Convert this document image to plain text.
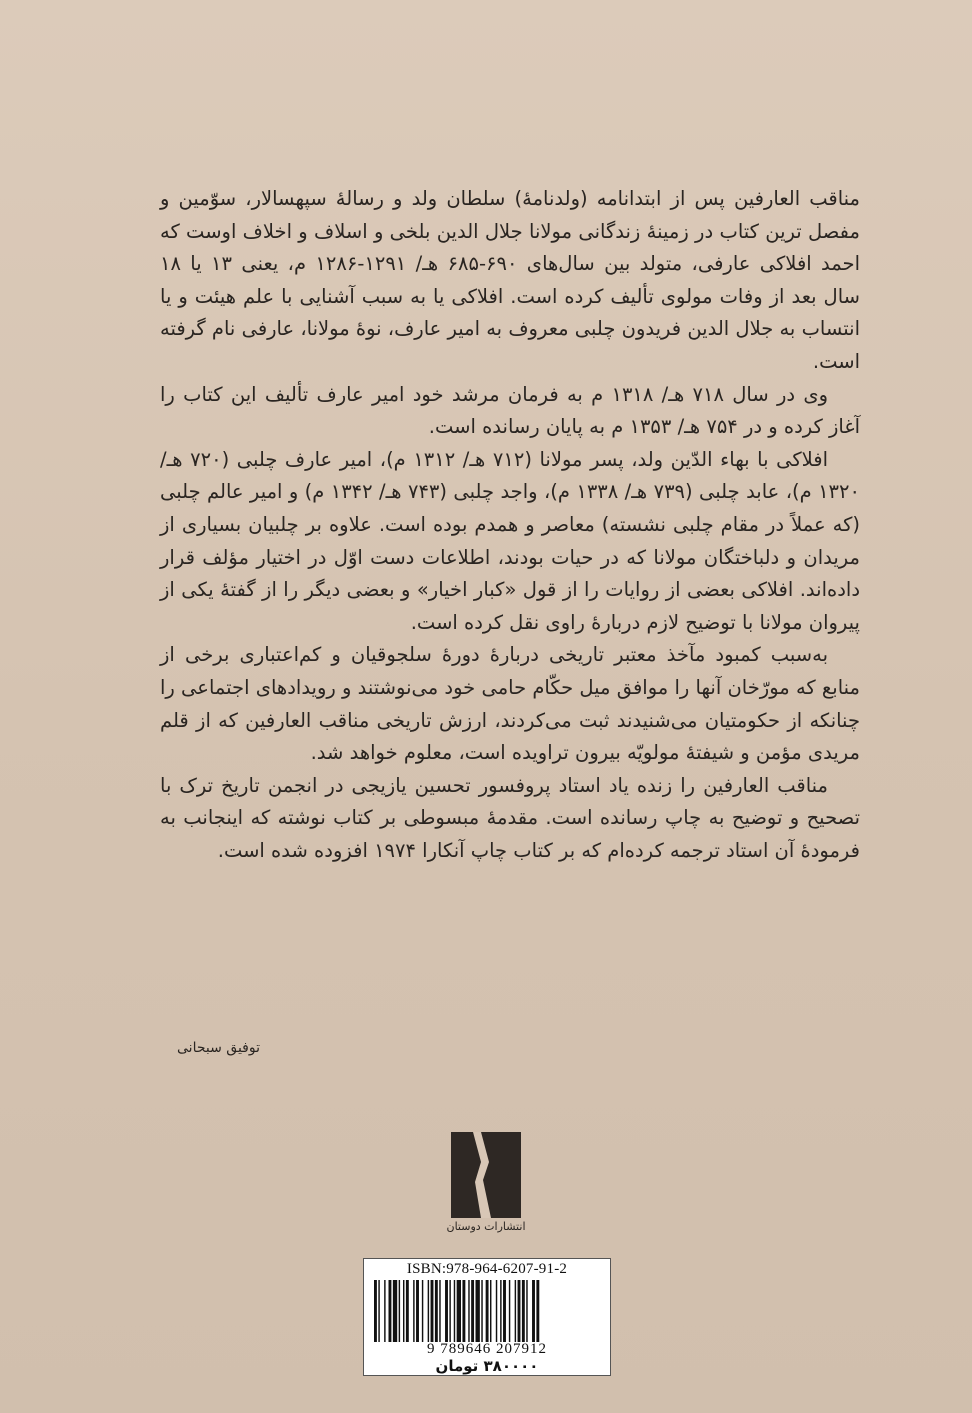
مناقب العارفین پس از ابتدانامه (ولدنامهٔ) سلطان ولد و رسالهٔ سپهسالار، سوّمین و مفصل ترین کتاب در زمینهٔ زندگانی مولانا جلال الدین بلخی و اسلاف و اخلاف اوست که احمد افلاکی عارفی، متولد بین سال‌های ۶۹۰-۶۸۵ هـ/ ۱۲۹۱-۱۲۸۶ م، یعنی ۱۳ یا ۱۸ سال بعد از وفات مولوی تألیف کرده است. افلاکی یا به سبب آشنایی با علم هیئت و یا انتساب به جلال الدین فریدون چلبی معروف به امیر عارف، نوهٔ مولانا، عارفی نام گرفته است.

وی در سال ۷۱۸ هـ/ ۱۳۱۸ م به فرمان مرشد خود امیر عارف تألیف این کتاب را آغاز کرده و در ۷۵۴ هـ/ ۱۳۵۳ م به پایان رسانده است.

افلاکی با بهاء الدّین ولد، پسر مولانا (۷۱۲ هـ/ ۱۳۱۲ م)، امیر عارف چلبی (۷۲۰ هـ/ ۱۳۲۰ م)، عابد چلبی (۷۳۹ هـ/ ۱۳۳۸ م)، واجد چلبی (۷۴۳ هـ/ ۱۳۴۲ م) و امیر عالم چلبی (که عملاً در مقام چلبی نشسته) معاصر و همدم بوده است. علاوه بر چلبیان بسیاری از مریدان و دلباختگان مولانا که در حیات بودند، اطلاعات دست اوّل در اختیار مؤلف قرار داده‌اند. افلاکی بعضی از روایات را از قول «کبار اخیار» و بعضی دیگر را از گفتهٔ یکی از پیروان مولانا با توضیح لازم دربارهٔ راوی نقل کرده است.

به‌سبب کمبود مآخذ معتبر تاریخی دربارهٔ دورهٔ سلجوقیان و کم‌اعتباری برخی از منابع که مورّخان آنها را موافق میل حکّام حامی خود می‌نوشتند و رویدادهای اجتماعی را چنانکه از حکومتیان می‌شنیدند ثبت می‌کردند، ارزش تاریخی مناقب العارفین که از قلم مریدی مؤمن و شیفتهٔ مولویّه بیرون تراویده است، معلوم خواهد شد.

مناقب العارفین را زنده یاد استاد پروفسور تحسین یازیجی در انجمن تاریخ ترک با تصحیح و توضیح به چاپ رسانده است. مقدمهٔ مبسوطی بر کتاب نوشته که اینجانب به فرمودهٔ آن استاد ترجمه کرده‌ام که بر کتاب چاپ آنکارا ۱۹۷۴ افزوده شده است.

توفیق سبحانی
انتشارات دوستان
ISBN:978-964-6207-91-2
9 789646 207912
۳۸۰۰۰۰ تومان
